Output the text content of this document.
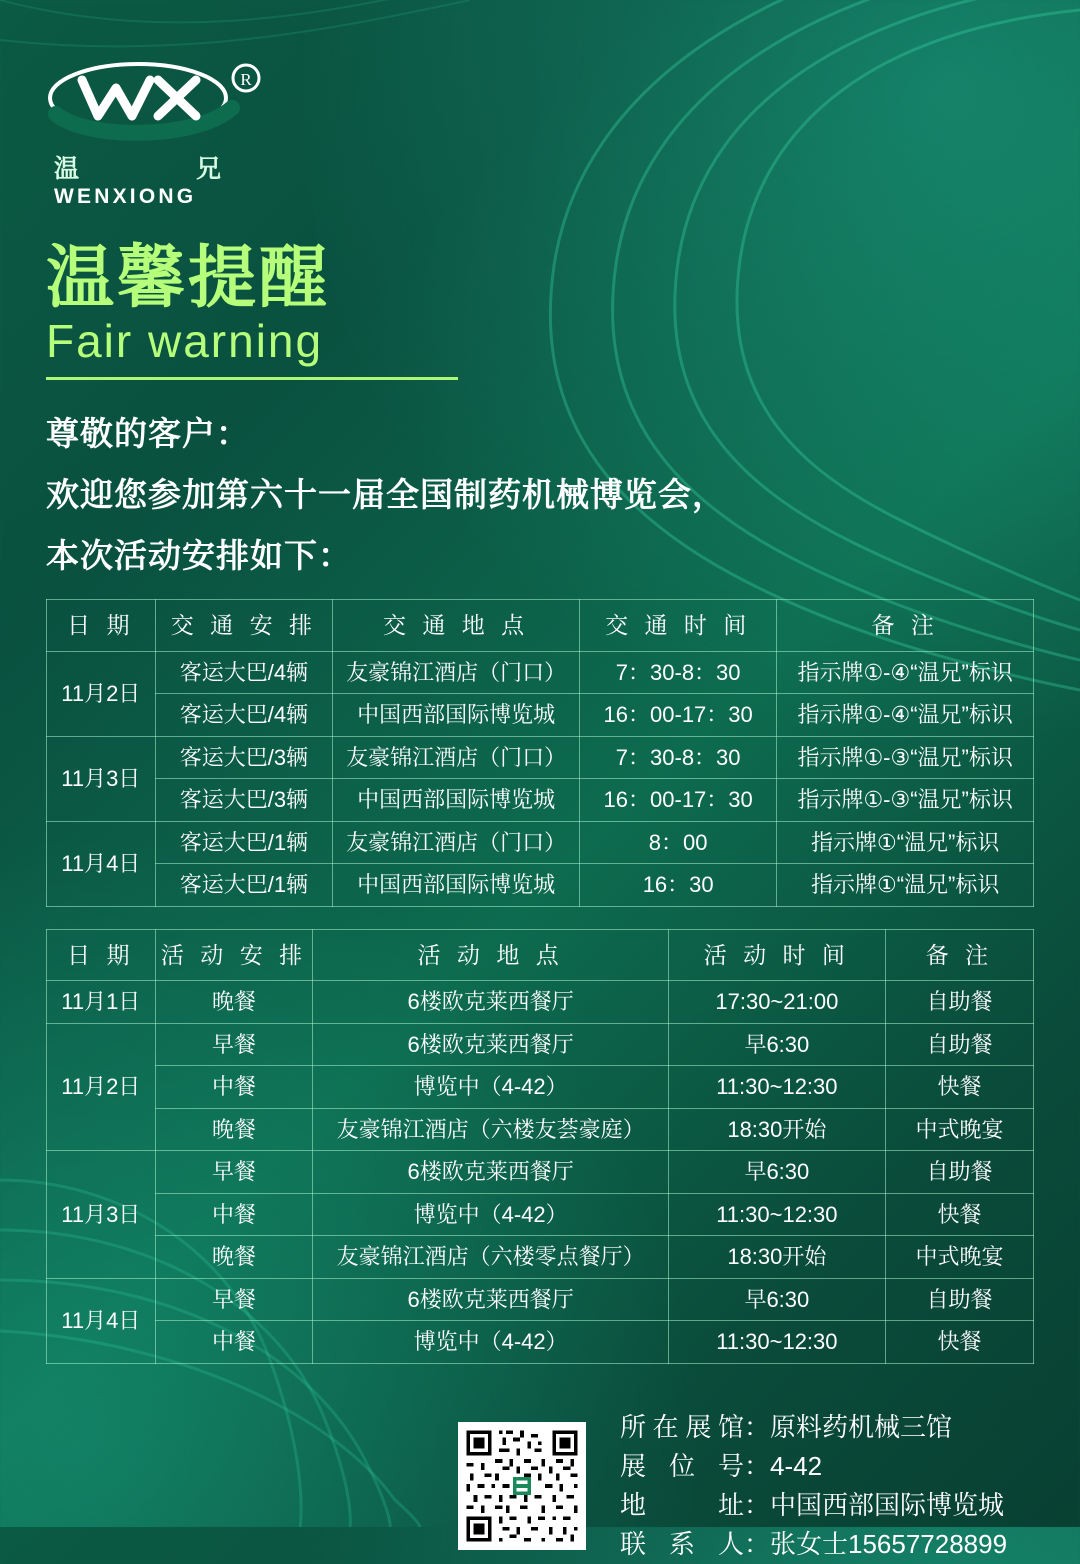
R
温	兄
WENXIONG
温馨提醒
Fair warning

尊敬的客户：

欢迎您参加第六十一届全国制药机械博览会，

本次活动安排如下：

日 期	交 通 安 排	交 通 地 点	交 通 时 间	备 注
11月2日	客运大巴/4辆	友豪锦江酒店（门口）	7：30-8：30	指示牌①-④“温兄”标识
	客运大巴/4辆	中国西部国际博览城	16：00-17：30	指示牌①-④“温兄”标识
11月3日	客运大巴/3辆	友豪锦江酒店（门口）	7：30-8：30	指示牌①-③“温兄”标识
	客运大巴/3辆	中国西部国际博览城	16：00-17：30	指示牌①-③“温兄”标识
11月4日	客运大巴/1辆	友豪锦江酒店（门口）	8：00	指示牌①“温兄”标识
	客运大巴/1辆	中国西部国际博览城	16：30	指示牌①“温兄”标识
日 期	活 动 安 排	活 动 地 点	活 动 时 间	备 注
11月1日	晚餐	6楼欧克莱西餐厅	17:30~21:00	自助餐
11月2日	早餐	6楼欧克莱西餐厅	早6:30	自助餐
	中餐	博览中（4-42）	11:30~12:30	快餐
	晚餐	友豪锦江酒店（六楼友荟豪庭）	18:30开始	中式晚宴
11月3日	早餐	6楼欧克莱西餐厅	早6:30	自助餐
	中餐	博览中（4-42）	11:30~12:30	快餐
	晚餐	友豪锦江酒店（六楼零点餐厅）	18:30开始	中式晚宴
11月4日	早餐	6楼欧克莱西餐厅	早6:30	自助餐
	中餐	博览中（4-42）	11:30~12:30	快餐
所 在 展 馆： 原料药机械三馆
展 位 号： 4-42
地	址： 中国西部国际博览城
联 系 人： 张女士15657728899
